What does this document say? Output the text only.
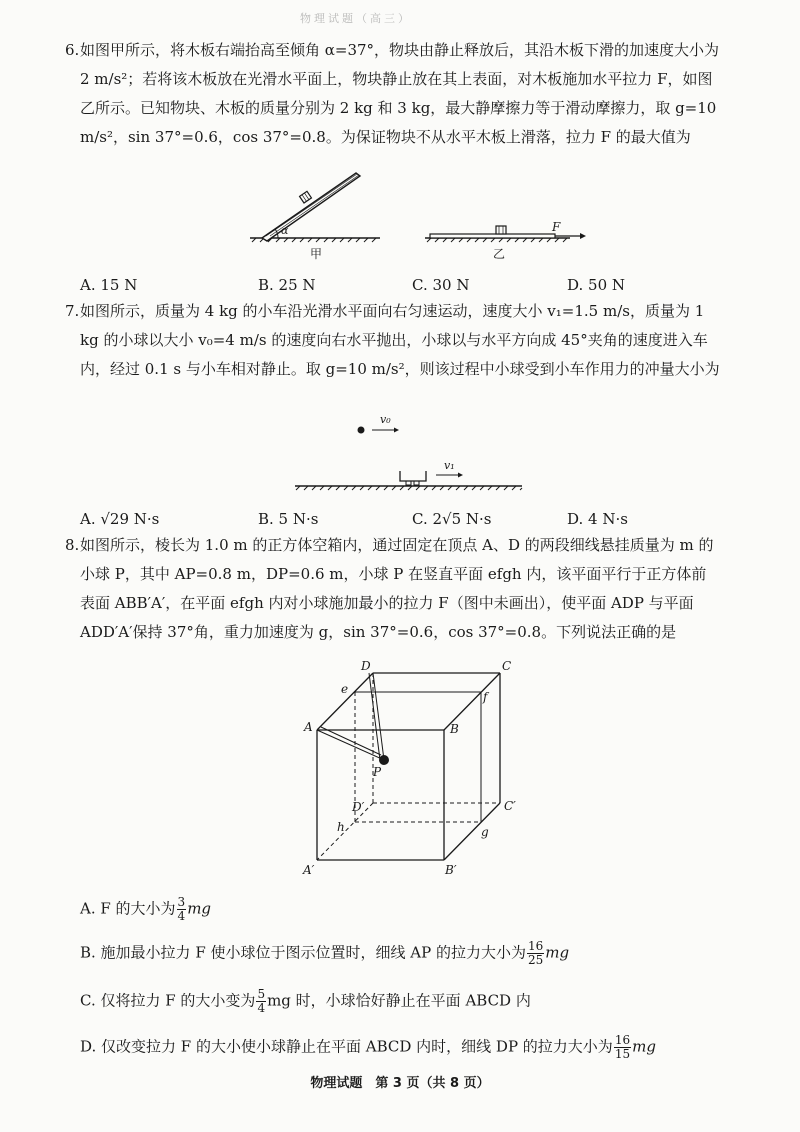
物理试题（高三）
6. 如图甲所示，将木板右端抬高至倾角 α=37°，物块由静止释放后，其沿木板下滑的加速度大小为 2 m/s²；若将该木板放在光滑水平面上，物块静止放在其上表面，对木板施加水平拉力 F，如图乙所示。已知物块、木板的质量分别为 2 kg 和 3 kg，最大静摩擦力等于滑动摩擦力，取 g=10 m/s²，sin 37°=0.6，cos 37°=0.8。为保证物块不从水平木板上滑落，拉力 F 的最大值为
α
甲
F
乙
A. 15 N	B. 25 N	C. 30 N	D. 50 N
7. 如图所示，质量为 4 kg 的小车沿光滑水平面向右匀速运动，速度大小 v₁=1.5 m/s，质量为 1 kg 的小球以大小 v₀=4 m/s 的速度向右水平抛出，小球以与水平方向成 45°夹角的速度进入车内，经过 0.1 s 与小车相对静止。取 g=10 m/s²，则该过程中小球受到小车作用力的冲量大小为
v₀
v₁
A. √29 N·s	B. 5 N·s	C. 2√5 N·s	D. 4 N·s
8. 如图所示，棱长为 1.0 m 的正方体空箱内，通过固定在顶点 A、D 的两段细线悬挂质量为 m 的小球 P，其中 AP=0.8 m，DP=0.6 m，小球 P 在竖直平面 efgh 内，该平面平行于正方体前表面 ABB′A′，在平面 efgh 内对小球施加最小的拉力 F（图中未画出），使平面 ADP 与平面 ADD′A′保持 37°角，重力加速度为 g，sin 37°=0.6，cos 37°=0.8。下列说法正确的是
D	C
e
f
A	B
P
D′	C′
h	g
A′	B′
A. F 的大小为 $\frac{3}{4}$ mg
B. 施加最小拉力 F 使小球位于图示位置时，细线 AP 的拉力大小为 $\frac{16}{25}$ mg
C. 仅将拉力 F 的大小变为 $\frac{5}{4}$ mg 时，小球恰好静止在平面 ABCD 内
D. 仅改变拉力 F 的大小使小球静止在平面 ABCD 内时，细线 DP 的拉力大小为 $\frac{16}{15}$ mg
物理试题　第 3 页（共 8 页）
